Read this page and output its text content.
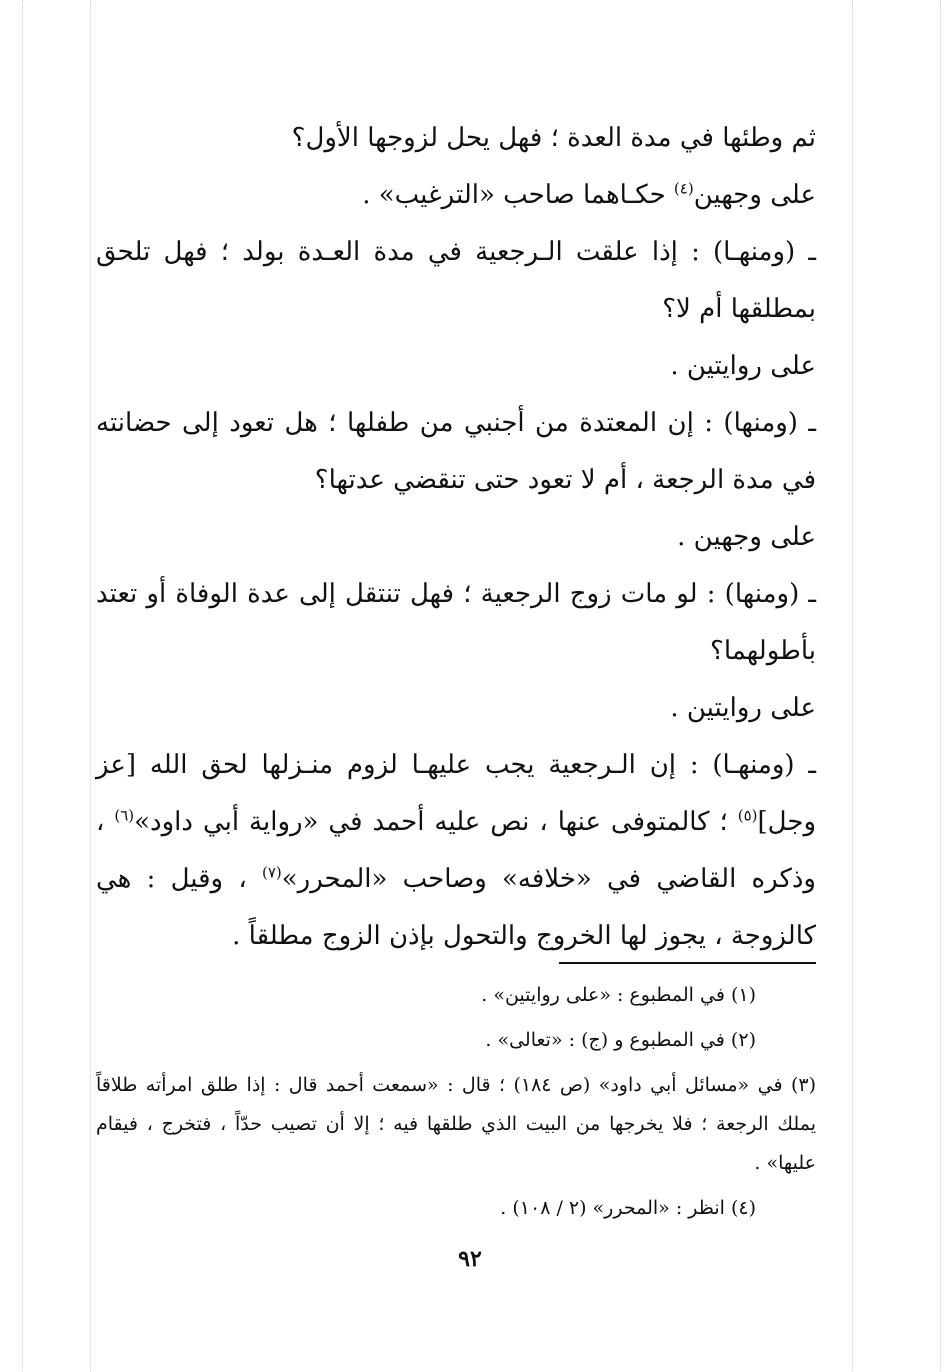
ثم وطئها في مدة العدة ؛ فهل يحل لزوجها الأول؟

على وجهين$^{(٤)}$ حكـاهما صاحب «الترغيب» .

ـ (ومنهـا) : إذا علقت الـرجعية في مدة العـدة بولد ؛ فهل تلحق بمطلقها أم لا؟

على روايتين .

ـ (ومنها) : إن المعتدة من أجنبي من طفلها ؛ هل تعود إلى حضانته في مدة الرجعة ، أم لا تعود حتى تنقضي عدتها؟

على وجهين .

ـ (ومنها) : لو مات زوج الرجعية ؛ فهل تنتقل إلى عدة الوفاة أو تعتد بأطولهما؟

على روايتين .

ـ (ومنهـا) : إن الـرجعية يجب عليهـا لزوم منـزلها لحق الله [عز وجل]$^{(٥)}$ ؛ كالمتوفى عنها ، نص عليه أحمد في «رواية أبي داود»$^{(٦)}$ ، وذكره القاضي في «خلافه» وصاحب «المحرر»$^{(٧)}$ ، وقيل : هي كالزوجة ، يجوز لها الخروج والتحول بإذن الزوج مطلقاً .

(١) في المطبوع : «على روايتين» .

(٢) في المطبوع و (ج) : «تعالى» .

(٣) في «مسائل أبي داود» (ص ١٨٤) ؛ قال : «سمعت أحمد قال : إذا طلق امرأته طلاقاً يملك الرجعة ؛ فلا يخرجها من البيت الذي طلقها فيه ؛ إلا أن تصيب حدّاً ، فتخرج ، فيقام عليها» .

(٤) انظر : «المحرر» (٢ / ١٠٨) .

٩٢
